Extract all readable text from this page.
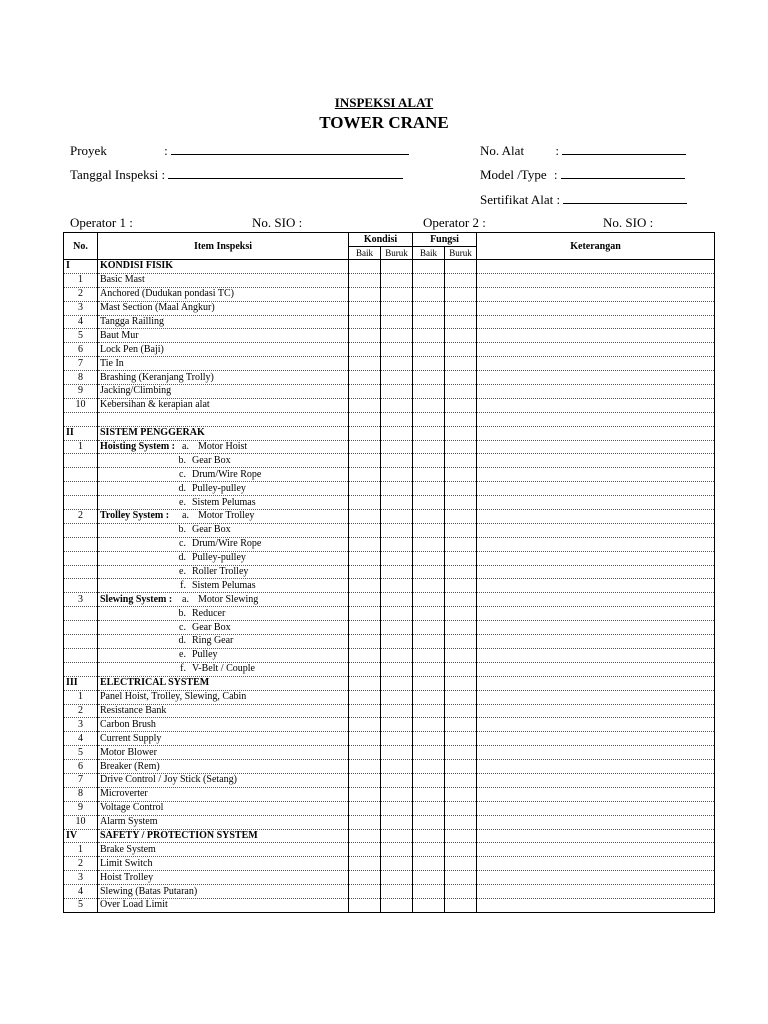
INSPEKSI ALAT
TOWER CRANE
Proyek	:
Tanggal Inspeksi :
No. Alat :
Model /Type :
Sertifikat Alat :
Operator 1 :	No. SIO :	Operator 2 :	No. SIO :
No.	Item Inspeksi	Kondisi		Fungsi		Keterangan
		Baik	Buruk	Baik	Buruk	
I	KONDISI FISIK					
1	Basic Mast					
2	Anchored (Dudukan pondasi TC)					
3	Mast Section (Maal Angkur)					
4	Tangga Railling					
5	Baut Mur					
6	Lock Pen (Baji)					
7	Tie In					
8	Brashing (Keranjang Trolly)					
9	Jacking/Climbing					
10	Kebersihan & kerapian alat					

II	SISTEM PENGGERAK					
1	Hoisting System : a. Motor Hoist					
	b. Gear Box					
	c. Drum/Wire Rope					
	d. Pulley-pulley					
	e. Sistem Pelumas					
2	Trolley System : a. Motor Trolley					
	b. Gear Box					
	c. Drum/Wire Rope					
	d. Pulley-pulley					
	e. Roller Trolley					
	f. Sistem Pelumas					
3	Slewing System : a. Motor Slewing					
	b. Reducer					
	c. Gear Box					
	d. Ring Gear					
	e. Pulley					
	f. V-Belt / Couple					
III	ELECTRICAL SYSTEM					
1	Panel Hoist, Trolley, Slewing, Cabin					
2	Resistance Bank					
3	Carbon Brush					
4	Current Supply					
5	Motor Blower					
6	Breaker (Rem)					
7	Drive Control / Joy Stick (Setang)					
8	Microverter					
9	Voltage Control					
10	Alarm System					
IV	SAFETY / PROTECTION SYSTEM					
1	Brake System					
2	Limit Switch					
3	Hoist Trolley					
4	Slewing (Batas Putaran)					
5	Over Load Limit					
